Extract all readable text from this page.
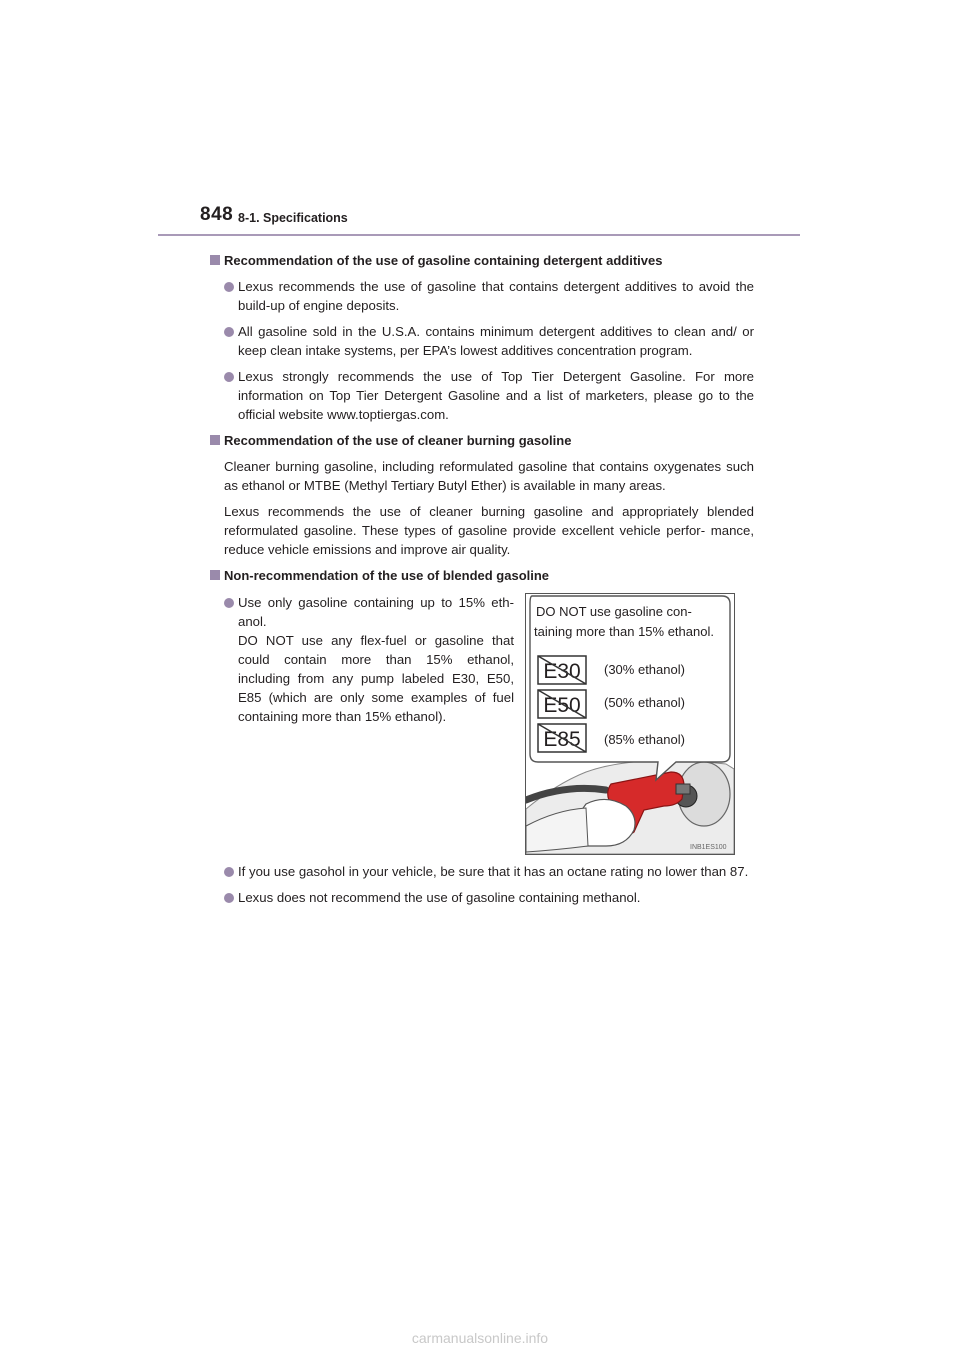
848 8-1. Specifications
Recommendation of the use of gasoline containing detergent additives
Lexus recommends the use of gasoline that contains detergent additives to avoid the build-up of engine deposits.
All gasoline sold in the U.S.A. contains minimum detergent additives to clean and/ or keep clean intake systems, per EPA’s lowest additives concentration program.
Lexus strongly recommends the use of Top Tier Detergent Gasoline. For more information on Top Tier Detergent Gasoline and a list of marketers, please go to the official website www.toptiergas.com.
Recommendation of the use of cleaner burning gasoline
Cleaner burning gasoline, including reformulated gasoline that contains oxygenates such as ethanol or MTBE (Methyl Tertiary Butyl Ether) is available in many areas.
Lexus recommends the use of cleaner burning gasoline and appropriately blended reformulated gasoline. These types of gasoline provide excellent vehicle perfor- mance, reduce vehicle emissions and improve air quality.
Non-recommendation of the use of blended gasoline
Use only gasoline containing up to 15% eth- anol.
DO NOT use any flex-fuel or gasoline that could contain more than 15% ethanol, including from any pump labeled E30, E50, E85 (which are only some examples of fuel containing more than 15% ethanol).
DO NOT use gasoline con-
taining more than 15% ethanol.
E30 (30% ethanol)
E50 (50% ethanol)
E85 (85% ethanol)
INB1ES100
If you use gasohol in your vehicle, be sure that it has an octane rating no lower than 87.
Lexus does not recommend the use of gasoline containing methanol.
carmanualsonline.info
